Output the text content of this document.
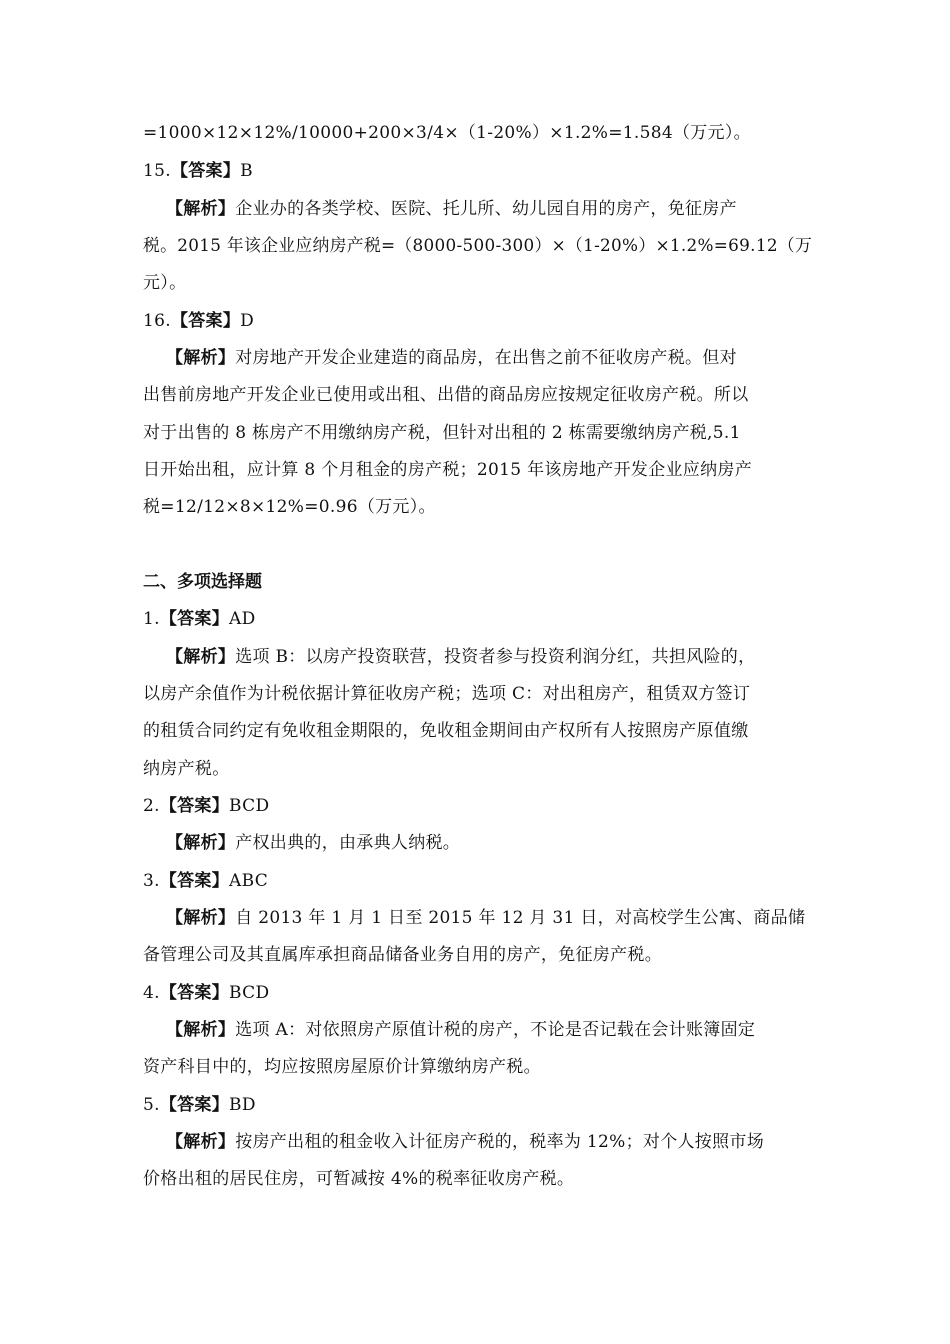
=1000×12×12%/10000+200×3/4×（1-20%）×1.2%=1.584（万元）。
15.【答案】B
【解析】企业办的各类学校、医院、托儿所、幼儿园自用的房产，免征房产
税。2015 年该企业应纳房产税=（8000-500-300）×（1-20%）×1.2%=69.12（万
元）。
16.【答案】D
【解析】对房地产开发企业建造的商品房，在出售之前不征收房产税。但对
出售前房地产开发企业已使用或出租、出借的商品房应按规定征收房产税。所以
对于出售的 8 栋房产不用缴纳房产税，但针对出租的 2 栋需要缴纳房产税,5.1
日开始出租，应计算 8 个月租金的房产税；2015 年该房地产开发企业应纳房产
税=12/12×8×12%=0.96（万元）。
二、多项选择题
1.【答案】AD
【解析】选项 B：以房产投资联营，投资者参与投资利润分红，共担风险的，
以房产余值作为计税依据计算征收房产税；选项 C：对出租房产，租赁双方签订
的租赁合同约定有免收租金期限的，免收租金期间由产权所有人按照房产原值缴
纳房产税。
2.【答案】BCD
【解析】产权出典的，由承典人纳税。
3.【答案】ABC
【解析】自 2013 年 1 月 1 日至 2015 年 12 月 31 日，对高校学生公寓、商品储
备管理公司及其直属库承担商品储备业务自用的房产，免征房产税。
4.【答案】BCD
【解析】选项 A：对依照房产原值计税的房产，不论是否记载在会计账簿固定
资产科目中的，均应按照房屋原价计算缴纳房产税。
5.【答案】BD
【解析】按房产出租的租金收入计征房产税的，税率为 12%；对个人按照市场
价格出租的居民住房，可暂减按 4%的税率征收房产税。
